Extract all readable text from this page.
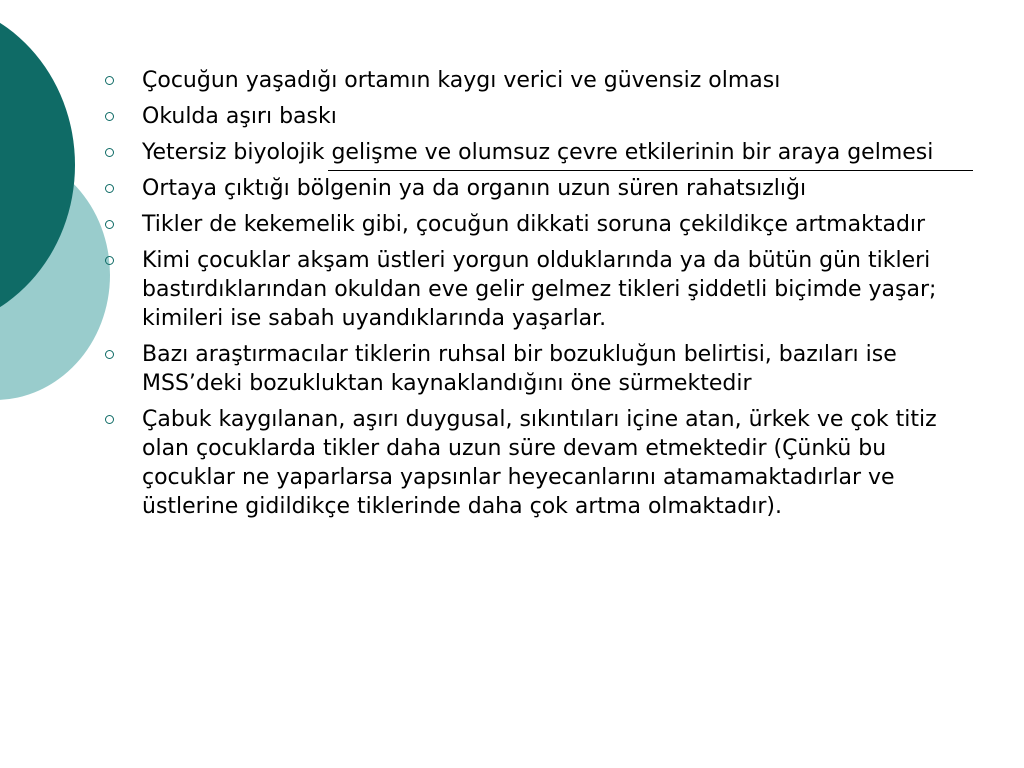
Çocuğun yaşadığı ortamın kaygı verici ve güvensiz olması
Okulda aşırı baskı
Yetersiz biyolojik gelişme ve olumsuz çevre etkilerinin bir araya gelmesi
Ortaya çıktığı bölgenin ya da organın uzun süren rahatsızlığı
Tikler de kekemelik gibi, çocuğun dikkati soruna çekildikçe artmaktadır
Kimi çocuklar akşam üstleri yorgun olduklarında ya da bütün gün tikleri bastırdıklarından okuldan eve gelir gelmez tikleri şiddetli biçimde yaşar; kimileri ise sabah uyandıklarında yaşarlar.
Bazı araştırmacılar tiklerin ruhsal bir bozukluğun belirtisi, bazıları ise MSS’deki bozukluktan kaynaklandığını öne sürmektedir
Çabuk kaygılanan, aşırı duygusal, sıkıntıları içine atan, ürkek ve çok titiz olan çocuklarda tikler daha uzun süre devam etmektedir (Çünkü bu çocuklar ne yaparlarsa yapsınlar heyecanlarını atamamaktadırlar ve üstlerine gidildikçe tiklerinde daha çok artma olmaktadır).
